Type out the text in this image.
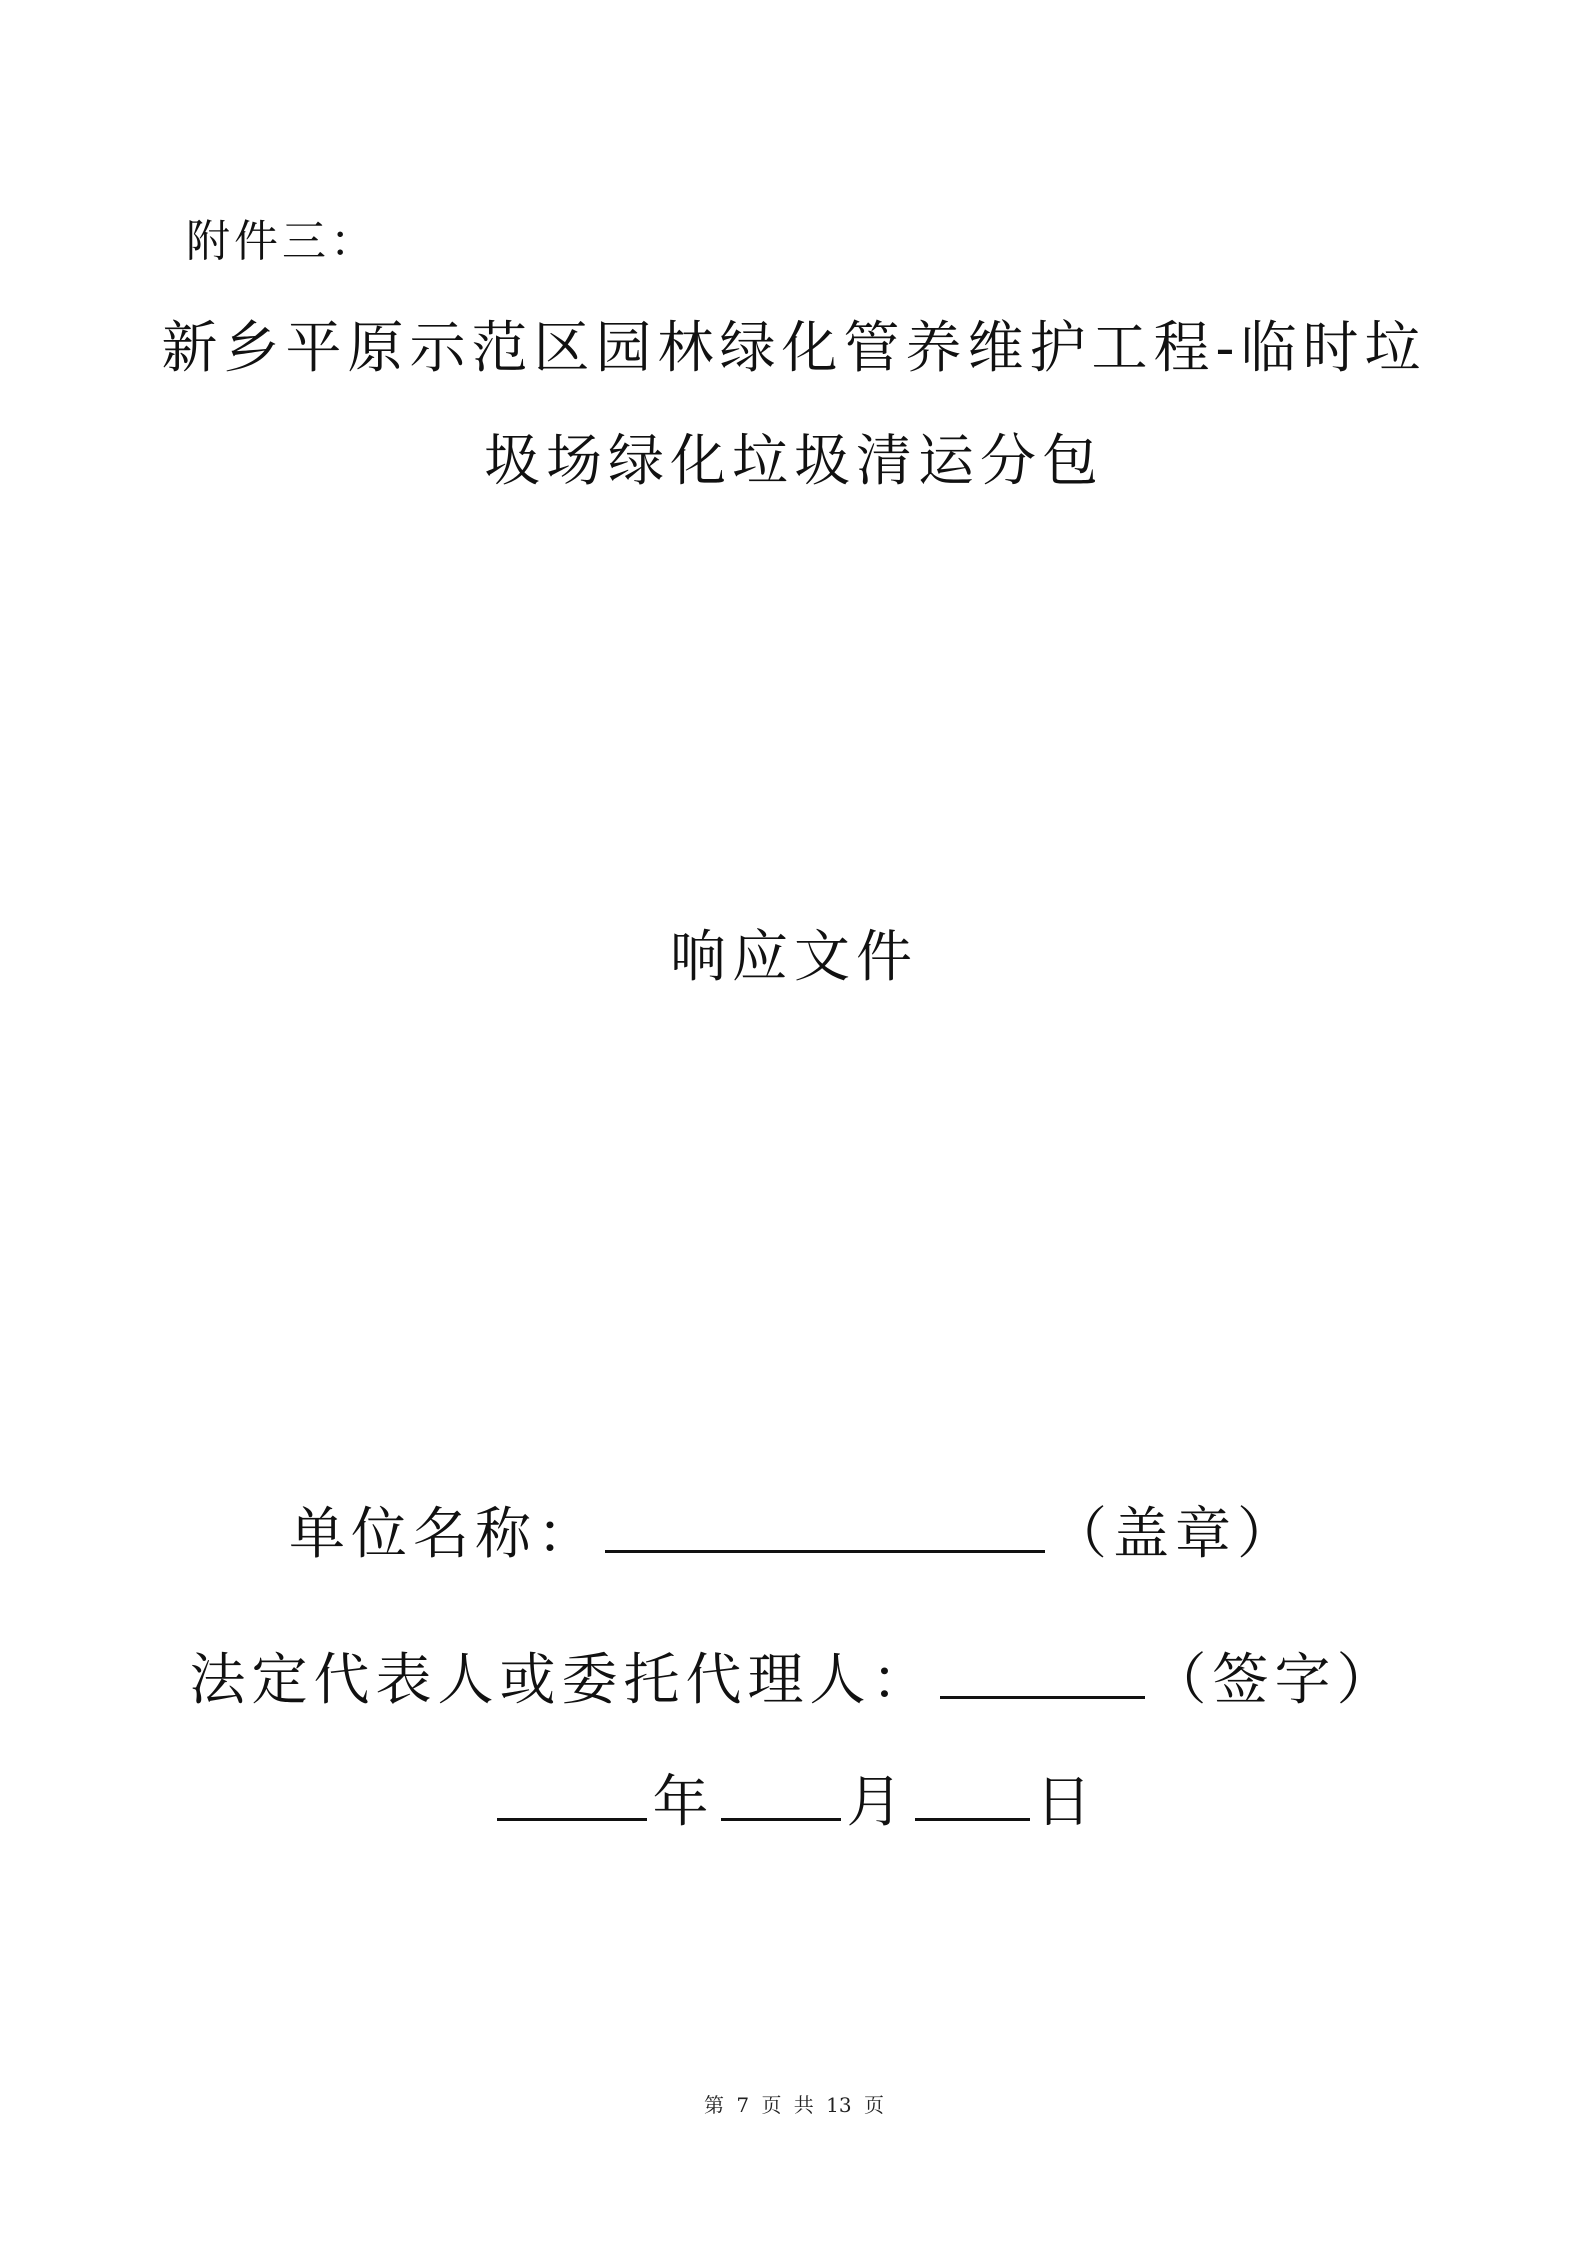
附件三：
新乡平原示范区园林绿化管养维护工程-临时垃
圾场绿化垃圾清运分包
响应文件
单位名称：	（盖章）
法定代表人或委托代理人：	（签字）
年 月 日
第 7 页 共 13 页
